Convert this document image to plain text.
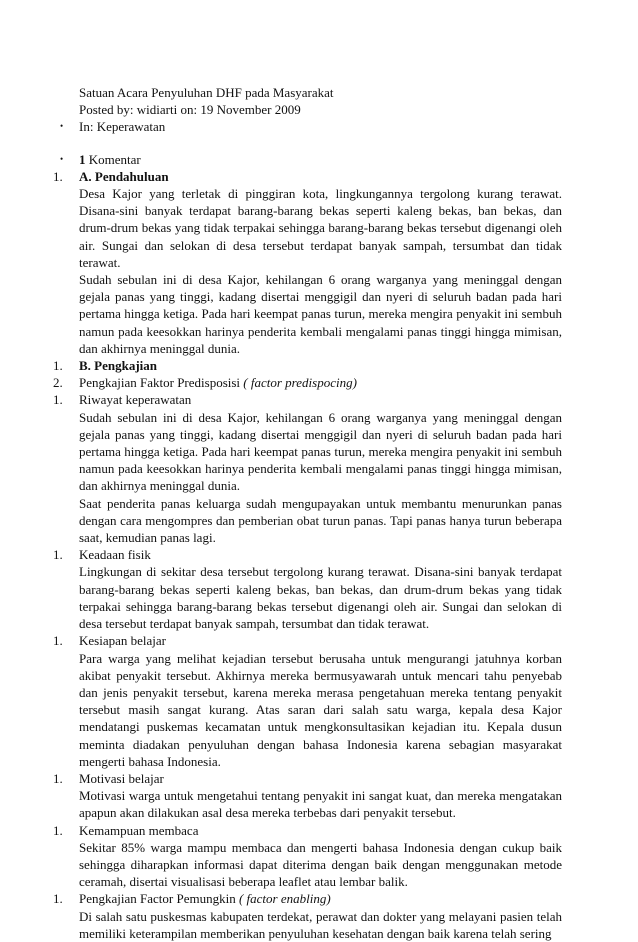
Satuan Acara Penyuluhan DHF pada Masyarakat

Posted by: widiarti on: 19 November 2009

•	In: Keperawatan

•	1 Komentar

1.	A. Pendahuluan

Desa Kajor yang terletak di pinggiran kota, lingkungannya tergolong kurang terawat. Disana-sini banyak terdapat barang-barang bekas seperti kaleng bekas, ban bekas, dan drum-drum bekas yang tidak terpakai sehingga barang-barang bekas tersebut digenangi oleh air. Sungai dan selokan di desa tersebut terdapat banyak sampah, tersumbat dan tidak terawat.

Sudah sebulan ini di desa Kajor, kehilangan 6 orang warganya yang meninggal dengan gejala panas yang tinggi, kadang disertai menggigil dan nyeri di seluruh badan pada hari pertama hingga ketiga. Pada hari keempat panas turun, mereka mengira penyakit ini sembuh namun pada keesokkan harinya penderita kembali mengalami panas tinggi hingga mimisan, dan akhirnya meninggal dunia.

1.	B. Pengkajian

2.	Pengkajian Faktor Predisposisi ( factor predispocing)

1.	Riwayat keperawatan

Sudah sebulan ini di desa Kajor, kehilangan 6 orang warganya yang meninggal dengan gejala panas yang tinggi, kadang disertai menggigil dan nyeri di seluruh badan pada hari pertama hingga ketiga. Pada hari keempat panas turun, mereka mengira penyakit ini sembuh namun pada keesokkan harinya penderita kembali mengalami panas tinggi hingga mimisan, dan akhirnya meninggal dunia.

Saat penderita panas keluarga sudah mengupayakan untuk membantu menurunkan panas dengan cara mengompres dan pemberian obat turun panas. Tapi panas hanya turun beberapa saat, kemudian panas lagi.

1.	Keadaan fisik

Lingkungan di sekitar desa tersebut tergolong kurang terawat. Disana-sini banyak terdapat barang-barang bekas seperti kaleng bekas, ban bekas, dan drum-drum bekas yang tidak terpakai sehingga barang-barang bekas tersebut digenangi oleh air. Sungai dan selokan di desa tersebut terdapat banyak sampah, tersumbat dan tidak terawat.

1.	Kesiapan belajar

Para warga yang melihat kejadian tersebut berusaha untuk mengurangi jatuhnya korban akibat penyakit tersebut. Akhirnya mereka bermusyawarah untuk mencari tahu penyebab dan jenis penyakit tersebut, karena mereka merasa pengetahuan mereka tentang penyakit tersebut masih sangat kurang. Atas saran dari salah satu warga, kepala desa Kajor mendatangi puskemas kecamatan untuk mengkonsultasikan kejadian itu. Kepala dusun meminta diadakan penyuluhan dengan bahasa Indonesia karena sebagian masyarakat mengerti bahasa Indonesia.

1.	Motivasi belajar

Motivasi warga untuk mengetahui tentang penyakit ini sangat kuat, dan mereka mengatakan apapun akan dilakukan asal desa mereka terbebas dari penyakit tersebut.

1.	Kemampuan membaca

Sekitar 85% warga mampu membaca dan mengerti bahasa Indonesia dengan cukup baik sehingga diharapkan informasi dapat diterima dengan baik dengan menggunakan metode ceramah, disertai visualisasi beberapa leaflet atau lembar balik.

1.	Pengkajian Factor Pemungkin ( factor enabling)

Di salah satu puskesmas kabupaten terdekat, perawat dan dokter yang melayani pasien telah memiliki keterampilan memberikan penyuluhan kesehatan dengan baik karena telah sering
